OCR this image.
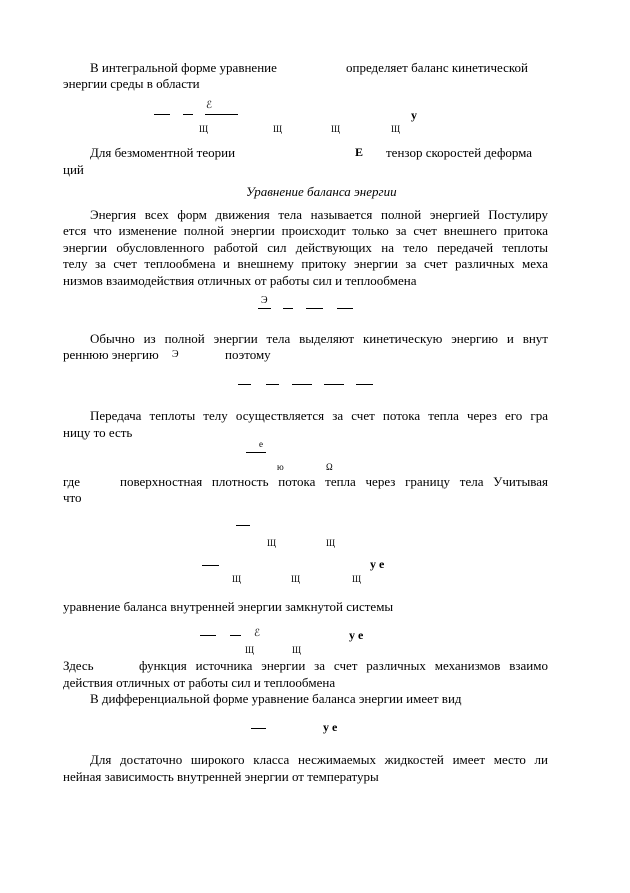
В интегральной форме уравнение	определяет баланс кинетической
энергии среды в области
ℰ
у
Щ	Щ	Щ	Щ
Для безмоментной теории	E тензор скоростей деформа
ций
Уравнение баланса энергии
Энергия всех форм движения тела называется полной энергией Постулиру
ется что изменение полной энергии происходит только за счет внешнего притока
энергии обусловленного работой сил действующих на тело передачей теплоты
телу за счет теплообмена и внешнему притоку энергии за счет различных меха
низмов взаимодействия отличных от работы сил и теплообмена
Э
Обычно из полной энергии тела выделяют кинетическую энергию и внут
реннюю энергию Э	поэтому
Передача теплоты телу осуществляется за счет потока тепла через его гра
ницу то есть
е
ю	Ω
где	поверхностная плотность потока тепла через границу тела Учитывая
что
Щ	Щ
у е
Щ	Щ	Щ
уравнение баланса внутренней энергии замкнутой системы
ℰ	у е
Щ	Щ
Здесь	функция источника энергии за счет различных механизмов взаимо
действия отличных от работы сил и теплообмена
В дифференциальной форме уравнение баланса энергии имеет вид
у е
Для достаточно широкого класса несжимаемых жидкостей имеет место ли
нейная зависимость внутренней энергии от температуры
